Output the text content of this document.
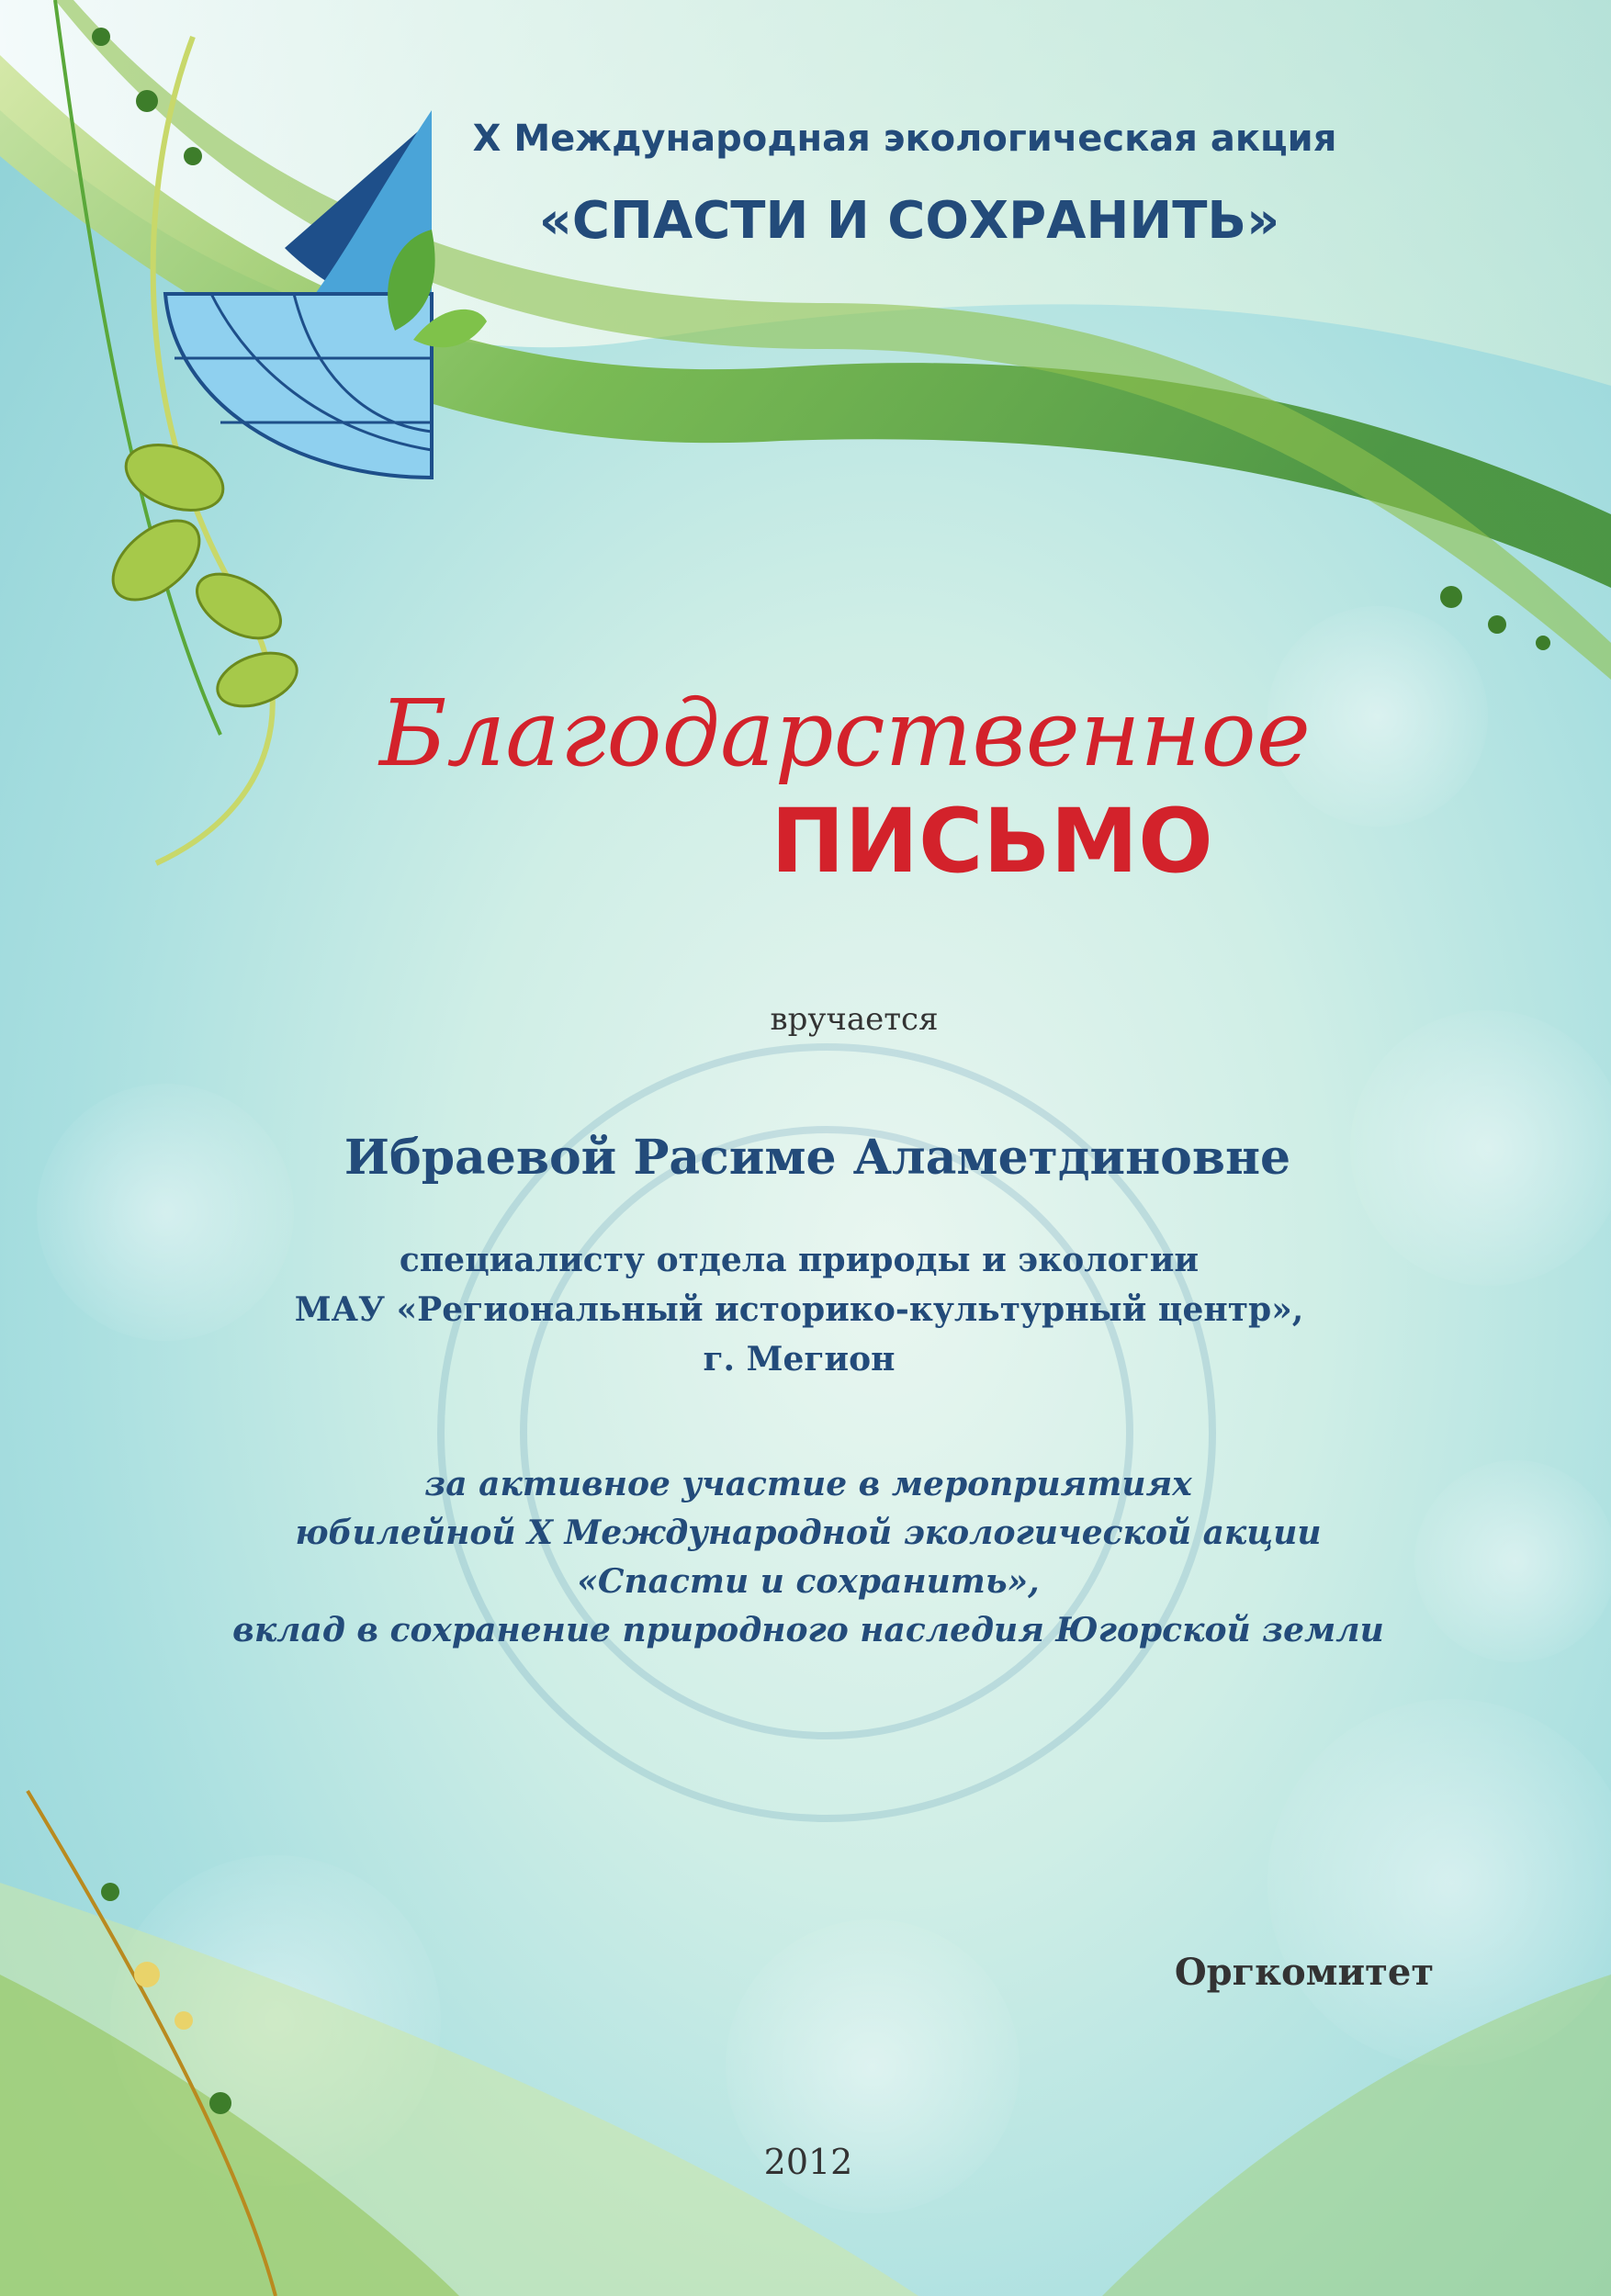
X Международная экологическая акция

«СПАСТИ И СОХРАНИТЬ»

Благодарственное

ПИСЬМО

вручается

Ибраевой Расиме Аламетдиновне

специалисту отдела природы и экологии
МАУ «Региональный историко-культурный центр»,
г. Мегион
за активное участие в мероприятиях
юбилейной X Международной экологической акции
«Спасти и сохранить»,
вклад в сохранение природного наследия Югорской земли

Оргкомитет

2012
